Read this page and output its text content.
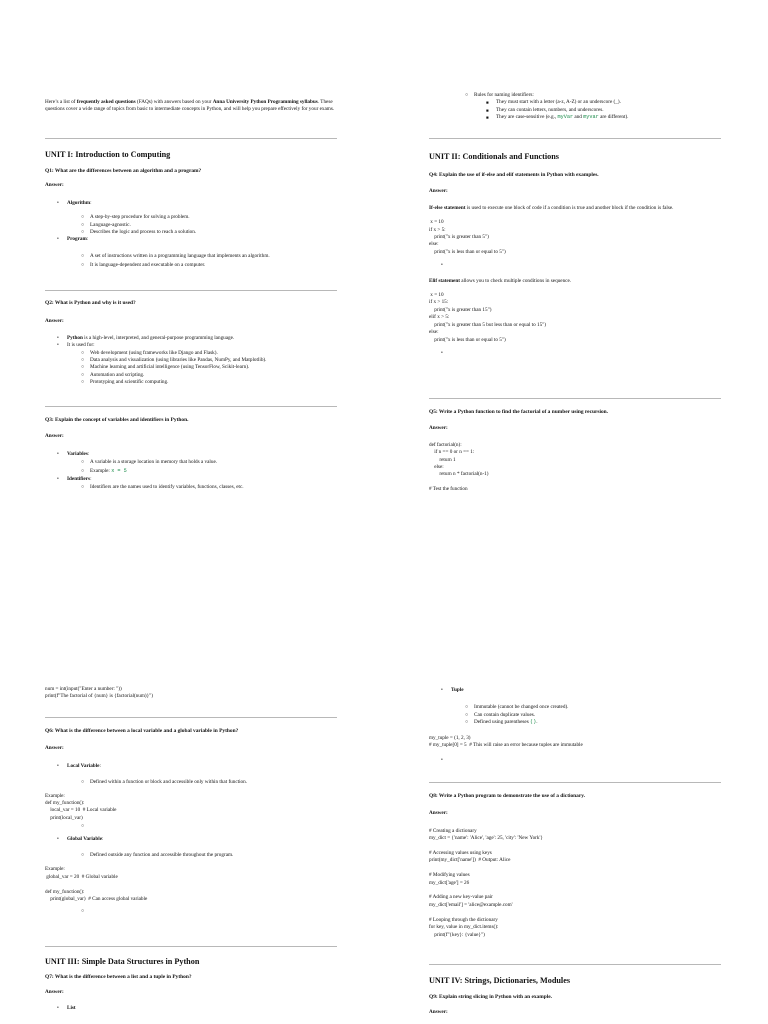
Here’s a list of frequently asked questions (FAQs) with answers based on your Anna University Python Programming syllabus. These questions cover a wide range of topics from basic to intermediate concepts in Python, and will help you prepare effectively for your exams.

UNIT I: Introduction to Computing

Q1: What are the differences between an algorithm and a program?

Answer:

• Algorithm:
○ A step-by-step procedure for solving a problem.
○ Language-agnostic.
○ Describes the logic and process to reach a solution.
• Program:
○ A set of instructions written in a programming language that implements an algorithm.
○ It is language-dependent and executable on a computer.

Q2: What is Python and why is it used?

Answer:

• Python is a high-level, interpreted, and general-purpose programming language.
• It is used for:
○ Web development (using frameworks like Django and Flask).
○ Data analysis and visualization (using libraries like Pandas, NumPy, and Matplotlib).
○ Machine learning and artificial intelligence (using TensorFlow, Scikit-learn).
○ Automation and scripting.
○ Prototyping and scientific computing.

Q3: Explain the concept of variables and identifiers in Python.

Answer:

• Variables:
○ A variable is a storage location in memory that holds a value.
○ Example: x = 5
• Identifiers:
○ Identifiers are the names used to identify variables, functions, classes, etc.
○ Rules for naming identifiers:
■ They must start with a letter (a-z, A-Z) or an underscore (_).
■ They can contain letters, numbers, and underscores.
■ They are case-sensitive (e.g., myVar and myvar are different).

UNIT II: Conditionals and Functions

Q4: Explain the use of if-else and elif statements in Python with examples.

Answer:

If-else statement is used to execute one block of code if a condition is true and another block if the condition is false.

x = 10
if x > 5:
print("x is greater than 5")
else:
print("x is less than or equal to 5")

•

Elif statement allows you to check multiple conditions in sequence.

x = 10
if x > 15:
print("x is greater than 15")
elif x > 5:
print("x is greater than 5 but less than or equal to 15")
else:
print("x is less than or equal to 5")

•

Q5: Write a Python function to find the factorial of a number using recursion.

Answer:

def factorial(n):
if n == 0 or n == 1:
return 1
else:
return n * factorial(n-1)

# Test the function

num = int(input("Enter a number: "))
print(f"The factorial of {num} is {factorial(num)}")

Q6: What is the difference between a local variable and a global variable in Python?

Answer:

• Local Variable:
○ Defined within a function or block and accessible only within that function.

Example:
def my_function():
local_var = 10  # Local variable
print(local_var)

○

• Global Variable:
○ Defined outside any function and accessible throughout the program.

Example:
global_var = 20  # Global variable

def my_function():
print(global_var)  # Can access global variable

○

UNIT III: Simple Data Structures in Python

Q7: What is the difference between a list and a tuple in Python?

Answer:

• List
• Tuple
○ Immutable (cannot be changed once created).
○ Can contain duplicate values.
○ Defined using parentheses ().

my_tuple = (1, 2, 3)
# my_tuple[0] = 5  # This will raise an error because tuples are immutable

•

Q8: Write a Python program to demonstrate the use of a dictionary.

Answer:

# Creating a dictionary
my_dict = {'name': 'Alice', 'age': 25, 'city': 'New York'}

# Accessing values using keys
print(my_dict['name'])  # Output: Alice

# Modifying values
my_dict['age'] = 26

# Adding a new key-value pair
my_dict['email'] = 'alice@example.com'

# Looping through the dictionary
for key, value in my_dict.items():
print(f"{key}: {value}")

UNIT IV: Strings, Dictionaries, Modules

Q9: Explain string slicing in Python with an example.

Answer:
